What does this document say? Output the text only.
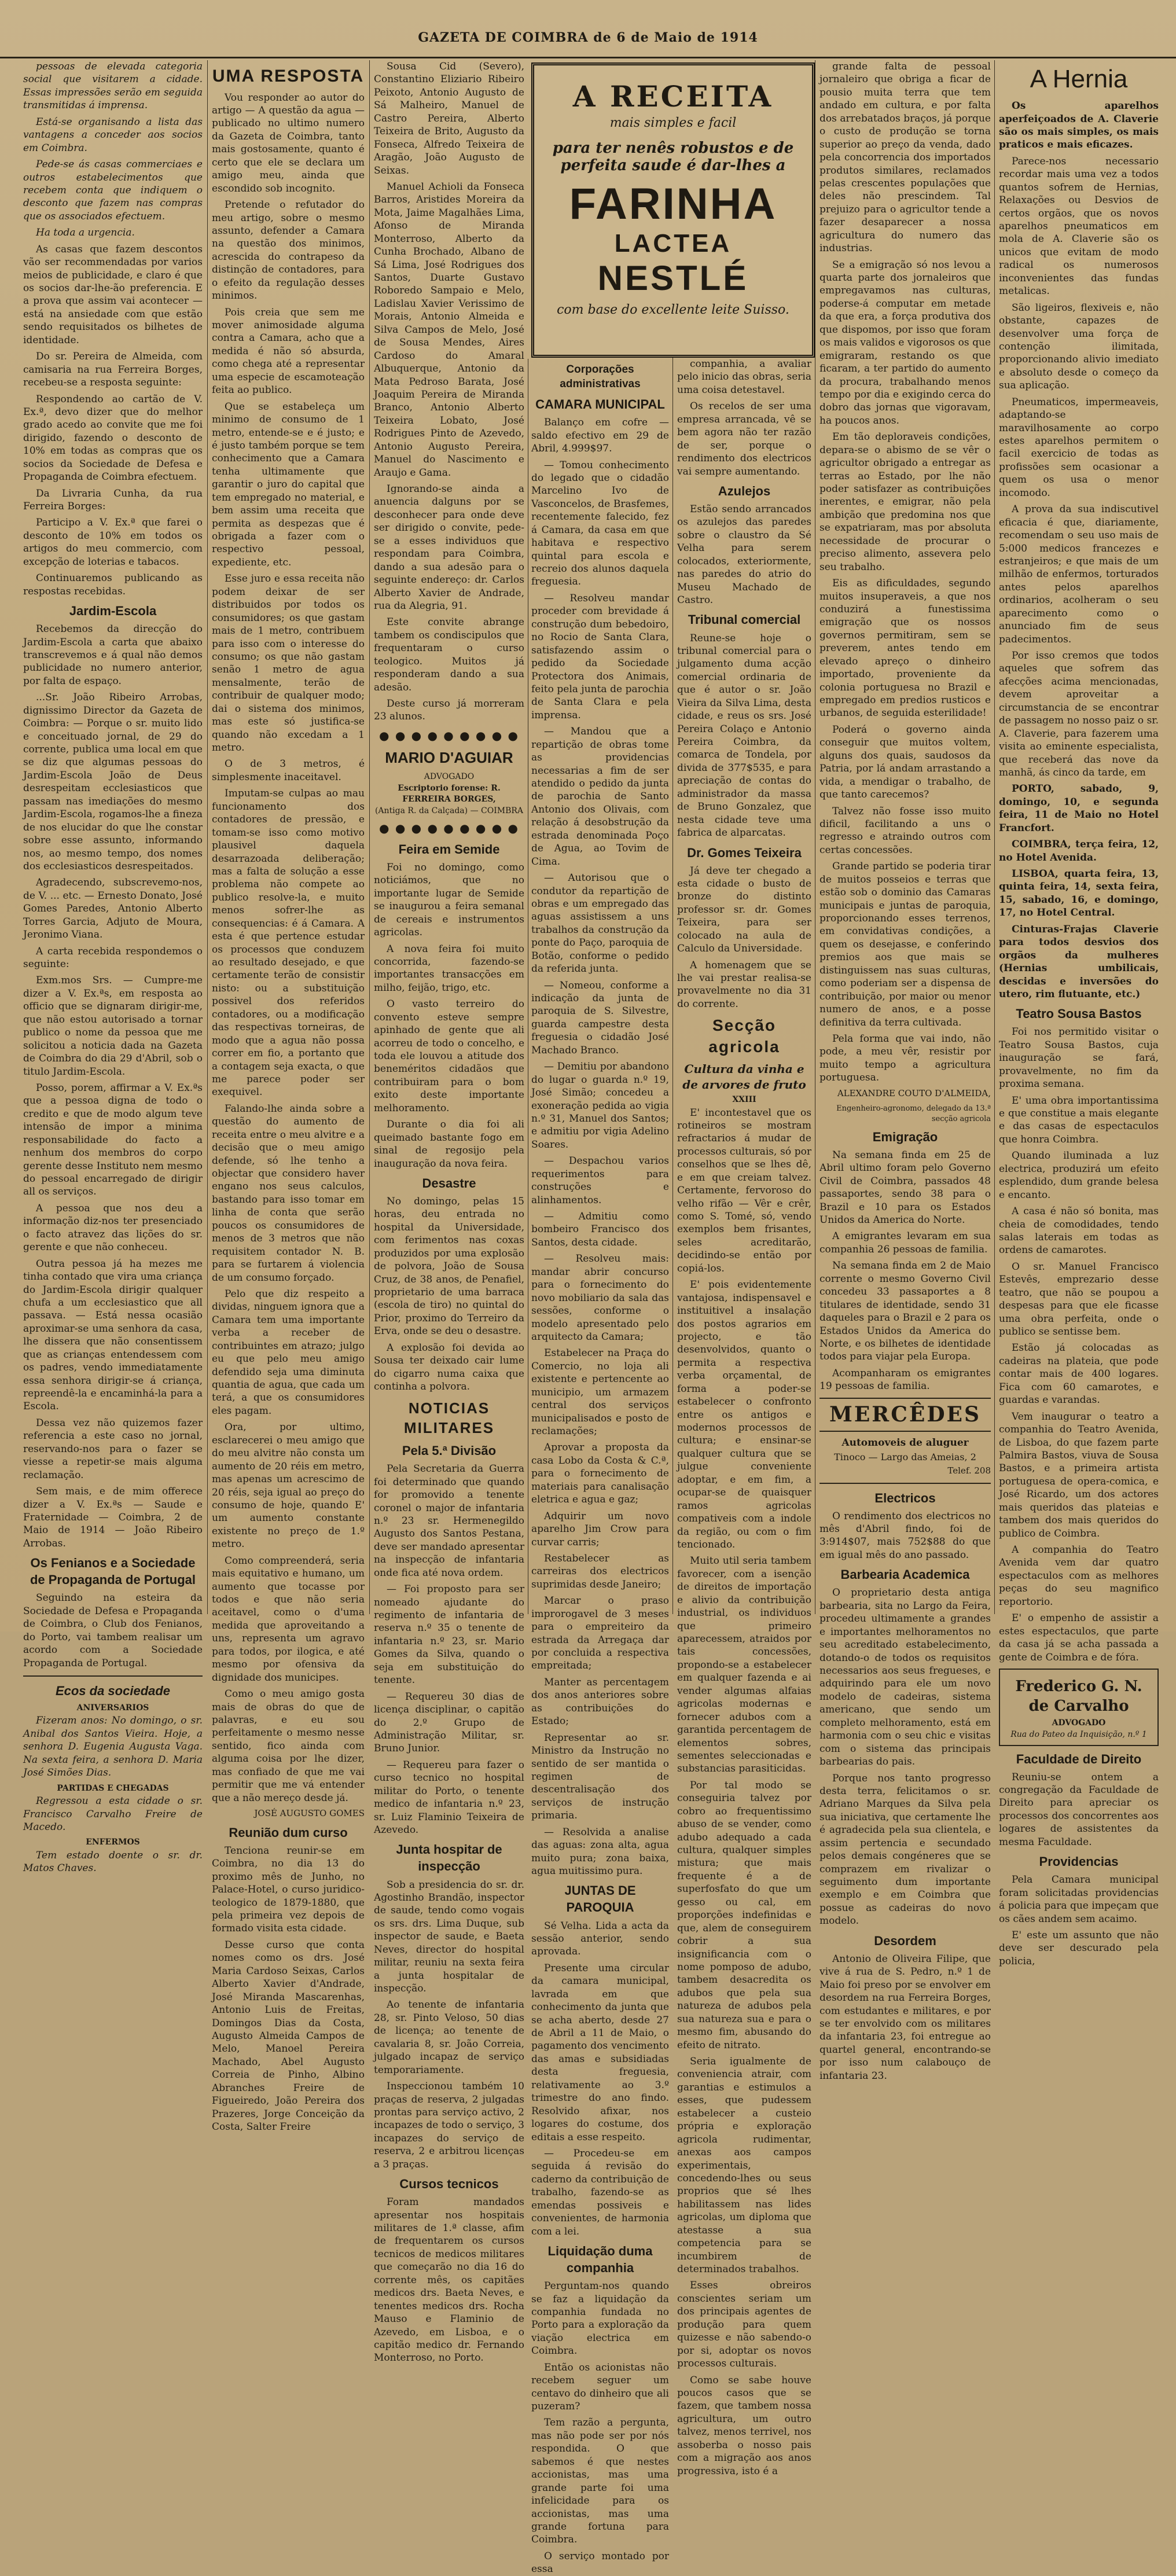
GAZETA DE COIMBRA de 6 de Maio de 1914

pessoas de elevada categoria social que visitarem a cidade. Essas impressões serão em seguida transmitidas á imprensa.

Está-se organisando a lista das vantagens a conceder aos socios em Coimbra.

Pede-se ás casas commerciaes e outros estabelecimentos que recebem conta que indiquem o desconto que fazem nas compras que os associados efectuem.

Ha toda a urgencia.

As casas que fazem descontos vão ser recommendadas por varios meios de publicidade, e claro é que os socios dar-lhe-ão preferencia. E a prova que assim vai acontecer — está na ansiedade com que estão sendo requisitados os bilhetes de identidade.

Do sr. Pereira de Almeida, com camisaria na rua Ferreira Borges, recebeu-se a resposta seguinte:

Respondendo ao cartão de V. Ex.ª, devo dizer que do melhor grado acedo ao convite que me foi dirigido, fazendo o desconto de 10% em todas as compras que os socios da Sociedade de Defesa e Propaganda de Coimbra efectuem.

Da Livraria Cunha, da rua Ferreira Borges:

Participo a V. Ex.ª que farei o desconto de 10% em todos os artigos do meu commercio, com excepção de loterias e tabacos.

Continuaremos publicando as respostas recebidas.

Jardim-Escola

Recebemos da direcção do Jardim-Escola a carta que abaixo transcrevemos e á qual não demos publicidade no numero anterior, por falta de espaço.

...Sr. João Ribeiro Arrobas, dignissimo Director da Gazeta de Coimbra: — Porque o sr. muito lido e conceituado jornal, de 29 do corrente, publica uma local em que se diz que algumas pessoas do Jardim-Escola João de Deus desrespeitam ecclesiasticos que passam nas imediações do mesmo Jardim-Escola, rogamos-lhe a fineza de nos elucidar do que lhe constar sobre esse assunto, informando nos, ao mesmo tempo, dos nomes dos ecclesiasticos desrespeitados.

Agradecendo, subscrevemo-nos, de V. ... etc. — Ernesto Donato, José Gomes Paredes, Antonio Alberto Torres Garcia, Adjuto de Moura, Jeronimo Viana.

A carta recebida respondemos o seguinte:

Exm.mos Srs. — Cumpre-me dizer a V. Ex.ªs, em resposta ao officio que se dignaram dirigir-me, que não estou autorisado a tornar publico o nome da pessoa que me solicitou a noticia dada na Gazeta de Coimbra do dia 29 d'Abril, sob o titulo Jardim-Escola.

Posso, porem, affirmar a V. Ex.ªs que a pessoa digna de todo o credito e que de modo algum teve intensão de impor a minima responsabilidade do facto a nenhum dos membros do corpo gerente desse Instituto nem mesmo do pessoal encarregado de dirigir all os serviços.

A pessoa que nos deu a informação diz-nos ter presenciado o facto atravez das lições do sr. gerente e que não conheceu.

Outra pessoa já ha mezes me tinha contado que vira uma criança do Jardim-Escola dirigir qualquer chufa a um ecclesiastico que all passava. — Está nessa ocasião aproximar-se uma senhora da casa, lhe dissera que não consentissem que as crianças entendessem com os padres, vendo immediatamente essa senhora dirigir-se á criança, repreendê-la e encaminhá-la para a Escola.

Dessa vez não quizemos fazer referencia a este caso no jornal, reservando-nos para o fazer se viesse a repetir-se mais alguma reclamação.

Sem mais, e de mim offerece dizer a V. Ex.ªs — Saude e Fraternidade — Coimbra, 2 de Maio de 1914 — João Ribeiro Arrobas.

Os Fenianos e a Sociedade de Propaganda de Portugal

Seguindo na esteira da Sociedade de Defesa e Propaganda de Coimbra, o Club dos Fenianos, do Porto, vai tambem realisar um acordo com a Sociedade Propaganda de Portugal.

Ecos da sociedade
ANIVERSARIOS

Fizeram anos: No domingo, o sr. Anibal dos Santos Vieira. Hoje, a senhora D. Eugenia Augusta Vaga. Na sexta feira, a senhora D. Maria José Simões Dias.

PARTIDAS E CHEGADAS

Regressou a esta cidade o sr. Francisco Carvalho Freire de Macedo.

ENFERMOS

Tem estado doente o sr. dr. Matos Chaves.

UMA RESPOSTA

Vou responder ao autor do artigo — A questão da agua — publicado no ultimo numero da Gazeta de Coimbra, tanto mais gostosamente, quanto é certo que ele se declara um amigo meu, ainda que escondido sob incognito.

Pretende o refutador do meu artigo, sobre o mesmo assunto, defender a Camara na questão dos minimos, acrescida do contrapeso da distinção de contadores, para o efeito da regulação desses minimos.

Pois creia que sem me mover animosidade alguma contra a Camara, acho que a medida é não só absurda, como chega até a representar uma especie de escamoteação feita ao publico.

Que se estabeleça um minimo de consumo de 1 metro, entende-se e é justo; e é justo também porque se tem conhecimento que a Camara tenha ultimamente que garantir o juro do capital que tem empregado no material, e bem assim uma receita que permita as despezas que é obrigada a fazer com o respectivo pessoal, expediente, etc.

Esse juro e essa receita não podem deixar de ser distribuidos por todos os consumidores; os que gastam mais de 1 metro, contribuem para isso com o interesse do consumo; os que não gastam senão 1 metro de agua mensalmente, terão de contribuir de qualquer modo; dai o sistema dos minimos, mas este só justifica-se quando não excedam a 1 metro.

O de 3 metros, é simplesmente inaceitavel.

Imputam-se culpas ao mau funcionamento dos contadores de pressão, e tomam-se isso como motivo plausivel daquela desarrazoada deliberação; mas a falta de solução a esse problema não compete ao publico resolve-la, e muito menos sofrer-lhe as consequencias: é á Camara. A esta é que pertence estudar os processos que conduzem ao resultado desejado, e que certamente terão de consistir nisto: ou a substituição possivel dos referidos contadores, ou a modificação das respectivas torneiras, de modo que a agua não possa correr em fio, a portanto que a contagem seja exacta, o que me parece poder ser exequivel.

Falando-lhe ainda sobre a questão do aumento de receita entre o meu alvitre e a decisão que o meu amigo defende, só lhe tenho a objectar que considero haver engano nos seus calculos, bastando para isso tomar em linha de conta que serão poucos os consumidores de menos de 3 metros que não requisitem contador N. B. para se furtarem á violencia de um consumo forçado.

Pelo que diz respeito a dividas, ninguem ignora que a Camara tem uma importante verba a receber de contribuintes em atrazo; julgo eu que pelo meu amigo defendido seja uma diminuta quantia de agua, que cada um terá, a que os consumidores eles pagam.

Ora, por ultimo, esclarecerei o meu amigo que do meu alvitre não consta um aumento de 20 réis em metro, mas apenas um acrescimo de 20 réis, seja igual ao preço do consumo de hoje, quando E' um aumento constante existente no preço de 1.º metro.

Como compreenderá, seria mais equitativo e humano, um aumento que tocasse por todos e que não seria aceitavel, como o d'uma medida que aproveitando a uns, representa um agravo para todos, por ilogica, e até mesmo por ofensiva da dignidade dos municipes.

Como o meu amigo gosta mais de obras do que de palavras, e eu sou perfeitamente o mesmo nesse sentido, fico ainda com alguma coisa por lhe dizer, mas confiado de que me vai permitir que me vá entender que a não mereço desde já.

JOSÉ AUGUSTO GOMES
Reunião dum curso

Tenciona reunir-se em Coimbra, no dia 13 do proximo mês de Junho, no Palace-Hotel, o curso juridico-teologico de 1879-1880, que pela primeira vez depois de formado visita esta cidade.

Desse curso que conta nomes como os drs. José Maria Cardoso Seixas, Carlos Alberto Xavier d'Andrade, José Miranda Mascarenhas, Antonio Luis de Freitas, Domingos Dias da Costa, Augusto Almeida Campos de Melo, Manoel Pereira Machado, Abel Augusto Correia de Pinho, Albino Abranches Freire de Figueiredo, João Pereira dos Prazeres, Jorge Conceição da Costa, Salter Freire

Sousa Cid (Severo), Constantino Eliziario Ribeiro Peixoto, Antonio Augusto de Sá Malheiro, Manuel de Castro Pereira, Alberto Teixeira de Brito, Augusto da Fonseca, Alfredo Teixeira de Aragão, João Augusto de Seixas.

Manuel Achioli da Fonseca Barros, Aristides Moreira da Mota, Jaime Magalhães Lima, Afonso de Miranda Monterroso, Alberto da Cunha Brochado, Albano de Sá Lima, José Rodrigues dos Santos, Duarte Gustavo Roboredo Sampaio e Melo, Ladislau Xavier Verissimo de Morais, Antonio Almeida e Silva Campos de Melo, José de Sousa Mendes, Aires Cardoso do Amaral Albuquerque, Antonio da Mata Pedroso Barata, José Joaquim Pereira de Miranda Branco, Antonio Alberto Teixeira Lobato, José Rodrigues Pinto de Azevedo, Antonio Augusto Pereira, Manuel do Nascimento e Araujo e Gama.

Ignorando-se ainda a anuencia dalguns por se desconhecer para onde deve ser dirigido o convite, pede-se a esses individuos que respondam para Coimbra, dando a sua adesão para o seguinte endereço: dr. Carlos Alberto Xavier de Andrade, rua da Alegria, 91.

Este convite abrange tambem os condiscipulos que frequentaram o curso teologico. Muitos já responderam dando a sua adesão.

Deste curso já morreram 23 alunos.

● ● ● ● ● ● ● ● ●
MARIO D'AGUIAR
ADVOGADO
Escriptorio forense: R. FERREIRA BORGES,
(Antiga R. da Calçada) — COIMBRA
● ● ● ● ● ● ● ● ●
Feira em Semide

Foi no domingo, como noticiámos, que no importante lugar de Semide se inaugurou a feira semanal de cereais e instrumentos agricolas.

A nova feira foi muito concorrida, fazendo-se importantes transacções em milho, feijão, trigo, etc.

O vasto terreiro do convento esteve sempre apinhado de gente que ali acorreu de todo o concelho, e toda ele louvou a atitude dos beneméritos cidadãos que contribuiram para o bom exito deste importante melhoramento.

Durante o dia foi ali queimado bastante fogo em sinal de regosijo pela inauguração da nova feira.

Desastre

No domingo, pelas 15 horas, deu entrada no hospital da Universidade, com ferimentos nas coxas produzidos por uma explosão de polvora, João de Sousa Cruz, de 38 anos, de Penafiel, proprietario de uma barraca (escola de tiro) no quintal do Prior, proximo do Terreiro da Erva, onde se deu o desastre.

A explosão foi devida ao Sousa ter deixado cair lume do cigarro numa caixa que continha a polvora.

NOTICIAS MILITARES
Pela 5.ª Divisão

Pela Secretaria da Guerra foi determinado que quando for promovido a tenente coronel o major de infantaria n.º 23 sr. Hermenegildo Augusto dos Santos Pestana, deve ser mandado apresentar na inspecção de infantaria onde fica até nova ordem.

— Foi proposto para ser nomeado ajudante do regimento de infantaria de reserva n.º 35 o tenente de infantaria n.º 23, sr. Mario Gomes da Silva, quando o seja em substituição do tenente.

— Requereu 30 dias de licença disciplinar, o capitão do 2.º Grupo de Administração Militar, sr. Bruno Junior.

— Requereu para fazer o curso tecnico no hospital militar do Porto, o tenente medico de infantaria n.º 23, sr. Luiz Flaminio Teixeira de Azevedo.

Junta hospitar de inspecção

Sob a presidencia do sr. dr. Agostinho Brandão, inspector de saude, tendo como vogais os srs. drs. Lima Duque, sub inspector de saude, e Baeta Neves, director do hospital militar, reuniu na sexta feira a junta hospitalar de inspecção.

Ao tenente de infantaria 28, sr. Pinto Veloso, 50 dias de licença; ao tenente de cavalaria 8, sr. João Correia, julgado incapaz de serviço temporariamente.

Inspeccionou também 10 praças de reserva, 2 julgadas prontas para serviço activo, 2 incapazes de todo o serviço, 3 incapazes do serviço de reserva, 2 e arbitrou licenças a 3 praças.

Cursos tecnicos

Foram mandados apresentar nos hospitais militares de 1.ª classe, afim de frequentarem os cursos tecnicos de medicos militares que começarão no dia 16 do corrente mês, os capitães medicos drs. Baeta Neves, e tenentes medicos drs. Rocha Mauso e Flaminio de Azevedo, em Lisboa, e o capitão medico dr. Fernando Monterroso, no Porto.

A RECEITA
mais simples e facil
para ter nenês robustos e de perfeita saude é dar-lhes a
FARINHA
LACTEA
NESTLÉ
com base do excellente leite Suisso.
Corporações administrativas
CAMARA MUNICIPAL

Balanço em cofre — saldo efectivo em 29 de Abril, 4.999$97.

— Tomou conhecimento do legado que o cidadão Marcelino Ivo de Vasconcelos, de Brasfemes, recentemente falecido, fez á Camara, da casa em que habitava e respectivo quintal para escola e recreio dos alunos daquela freguesia.

— Resolveu mandar proceder com brevidade á construção dum bebedoiro, no Rocio de Santa Clara, satisfazendo assim o pedido da Sociedade Protectora dos Animais, feito pela junta de parochia de Santa Clara e pela imprensa.

— Mandou que a repartição de obras tome as providencias necessarias a fim de ser atendido o pedido da junta de parochia de Santo Antonio dos Olivais, com relação á desobstrução da estrada denominada Poço de Agua, ao Tovim de Cima.

— Autorisou que o condutor da repartição de obras e um empregado das aguas assistissem a uns trabalhos da construção da ponte do Paço, paroquia de Botão, conforme o pedido da referida junta.

— Nomeou, conforme a indicação da junta de paroquia de S. Silvestre, guarda campestre desta freguesia o cidadão José Machado Branco.

— Demitiu por abandono do lugar o guarda n.º 19, José Simão; concedeu a exoneração pedida ao vigia n.º 31, Manuel dos Santos; e admitiu por vigia Adelino Soares.

— Despachou varios requerimentos para construções e alinhamentos.

— Admitiu como bombeiro Francisco dos Santos, desta cidade.

— Resolveu mais: mandar abrir concurso para o fornecimento do novo mobiliario da sala das sessões, conforme o modelo apresentado pelo arquitecto da Camara;

Estabelecer na Praça do Comercio, no loja ali existente e pertencente ao municipio, um armazem central dos serviços municipalisados e posto de reclamações;

Aprovar a proposta da casa Lobo da Costa & C.ª, para o fornecimento de materiais para canalisação eletrica e agua e gaz;

Adquirir um novo aparelho Jim Crow para curvar carris;

Restabelecer as carreiras dos electricos suprimidas desde Janeiro;

Marcar o praso improrogavel de 3 meses para o empreiteiro da estrada da Arregaça dar por concluida a respectiva empreitada;

Manter as percentagem dos anos anteriores sobre as contribuições do Estado;

Representar ao sr. Ministro da Instrução no sentido de ser mantida o regimen de descentralisação dos serviços de instrução primaria.

— Resolvida a analise das aguas: zona alta, agua muito pura; zona baixa, agua muitissimo pura.

JUNTAS DE PAROQUIA

Sé Velha. Lida a acta da sessão anterior, sendo aprovada.

Presente uma circular da camara municipal, lavrada em que conhecimento da junta que se acha aberto, desde 27 de Abril a 11 de Maio, o pagamento dos vencimento das amas e subsidiadas desta freguesia, relativamente ao 3.º trimestre do ano findo. Resolvido afixar, nos logares do costume, dos editais a esse respeito.

— Procedeu-se em seguida á revisão do caderno da contribuição de trabalho, fazendo-se as emendas possiveis e convenientes, de harmonia com a lei.

Liquidação duma companhia

Perguntam-nos quando se faz a liquidação da companhia fundada no Porto para a exploração da viação electrica em Coimbra.

Então os acionistas não recebem seguer um centavo do dinheiro que ali puzeram?

Tem razão a pergunta, mas não pode ser por nós respondida. O que sabemos é que nestes accionistas, mas uma grande parte foi uma infelicidade para os accionistas, mas uma grande fortuna para Coimbra.

O serviço montado por essa

companhia, a avaliar pelo inicio das obras, seria uma coisa detestavel.

Os recelos de ser uma empresa arrancada, vê se bem agora não ter razão de ser, porque o rendimento dos electricos vai sempre aumentando.

Azulejos

Estão sendo arrancados os azulejos das paredes sobre o claustro da Sé Velha para serem colocados, exteriormente, nas paredes do atrio do Museu Machado de Castro.

Tribunal comercial

Reune-se hoje o tribunal comercial para o julgamento duma acção comercial ordinaria de que é autor o sr. João Vieira da Silva Lima, desta cidade, e reus os srs. José Pereira Colaço e Antonio Pereira Coimbra, da comarca de Tondela, por divida de 377$535, e para apreciação de contas do administrador da massa de Bruno Gonzalez, que nesta cidade teve uma fabrica de alparcatas.

Dr. Gomes Teixeira

Já deve ter chegado a esta cidade o busto de bronze do distinto professor sr. dr. Gomes Teixeira, para ser colocado na aula de Calculo da Universidade.

A homenagem que se lhe vai prestar realisa-se provavelmente no dia 31 do corrente.

Secção agricola
Cultura da vinha e de arvores de fruto
XXIII

E' incontestavel que os rotineiros se mostram refractarios á mudar de processos culturais, só por conselhos que se lhes dê, e em que creiam talvez. Certamente, fervoroso do velho rifão — Vêr e crêr, como S. Tomé, só, vendo exemplos bem frisantes, seles acreditarão, decidindo-se então por copiá-los.

E' pois evidentemente vantajosa, indispensavel e instituitivel a insalação dos postos agrarios em projecto, e tão desenvolvidos, quanto o permita a respectiva verba orçamental, de forma a poder-se estabelecer o confronto entre os antigos e modernos processos de cultura; e ensinar-se qualquer cultura que se julgue conveniente adoptar, e em fim, a ocupar-se de quaisquer ramos agricolas compativeis com a indole da região, ou com o fim tencionado.

Muito util seria tambem favorecer, com a isenção de direitos de importação e alivio da contribuição industrial, os individuos que primeiro aparecessem, atraidos por tais concessões, propondo-se a estabelecer em qualquer fazenda e ai vender algumas alfaias agricolas modernas e fornecer adubos com a garantida percentagem de elementos sobres, sementes seleccionadas e substancias parasiticidas.

Por tal modo se conseguiria talvez por cobro ao frequentissimo abuso de se vender, como adubo adequado a cada cultura, qualquer simples mistura; que mais frequente é a de superfosfato do que um gesso ou cal, em proporções indefinidas e que, alem de conseguirem cobrir a sua insignificancia com o nome pomposo de adubo, tambem desacredita os adubos que pela sua natureza de adubos pela sua natureza sua e para o mesmo fim, abusando do efeito de nitrato.

Seria igualmente de conveniencia atrair, com garantias e estimulos a esses, que pudessem estabelecer a custeio própria e exploração agricola rudimentar, anexas aos campos experimentais, concedendo-lhes ou seus proprios que sé lhes habilitassem nas lides agricolas, um diploma que atestasse a sua competencia para se incumbirem de determinados trabalhos.

Esses obreiros conscientes seriam um dos principais agentes de produção para quem quizesse e não sabendo-o por si, adoptar os novos processos culturais.

Como se sabe houve poucos casos que se fazem, que tambem nossa agricultura, um outro talvez, menos terrivel, nos assoberba o nosso pais com a migração aos anos progressiva, isto é a

grande falta de pessoal jornaleiro que obriga a ficar de pousio muita terra que tem andado em cultura, e por falta dos arrebatados braços, já porque o custo de produção se torna superior ao preço da venda, dado pela concorrencia dos importados produtos similares, reclamados pelas crescentes populações que deles não prescindem. Tal prejuizo para o agricultor tende a fazer desaparecer a nossa agricultura do numero das industrias.

Se a emigração só nos levou a quarta parte dos jornaleiros que empregavamos nas culturas, poderse-á computar em metade da que era, a força produtiva dos que dispomos, por isso que foram os mais validos e vigorosos os que emigraram, restando os que ficaram, a ter partido do aumento da procura, trabalhando menos tempo por dia e exigindo cerca do dobro das jornas que vigoravam, ha poucos anos.

Em tão deploraveis condições, depara-se o abismo de se vêr o agricultor obrigado a entregar as terras ao Estado, por lhe não poder satisfazer as contribuições inerentes, e emigrar, não pela ambição que predomina nos que se expatriaram, mas por absoluta necessidade de procurar o preciso alimento, assevera pelo seu trabalho.

Eis as dificuldades, segundo muitos insuperaveis, a que nos conduzirá a funestissima emigração que os nossos governos permitiram, sem se preverem, antes tendo em elevado apreço o dinheiro importado, proveniente da colonia portuguesa no Brazil e empregado em predios rusticos e urbanos, de seguida esterilidade!

Poderá o governo ainda conseguir que muitos voltem, alguns dos quais, saudosos da Patria, por lá andam arrastando a vida, a mendigar o trabalho, de que tanto carecemos?

Talvez não fosse isso muito dificil, facilitando a uns o regresso e atraindo outros com certas concessões.

Grande partido se poderia tirar de muitos posseios e terras que estão sob o dominio das Camaras municipais e juntas de paroquia, proporcionando esses terrenos, em convidativas condições, a quem os desejasse, e conferindo premios aos que mais se distinguissem nas suas culturas, como poderiam ser a dispensa de contribuição, por maior ou menor numero de anos, e a posse definitiva da terra cultivada.

Pela forma que vai indo, não pode, a meu vêr, resistir por muito tempo a agricultura portuguesa.

ALEXANDRE COUTO D'ALMEIDA,
Engenheiro-agronomo, delegado da 13.ª secção agricola
Emigração

Na semana finda em 25 de Abril ultimo foram pelo Governo Civil de Coimbra, passados 48 passaportes, sendo 38 para o Brazil e 10 para os Estados Unidos da America do Norte.

A emigrantes levaram em sua companhia 26 pessoas de familia.

Na semana finda em 2 de Maio corrente o mesmo Governo Civil concedeu 33 passaportes a 8 titulares de identidade, sendo 31 daqueles para o Brazil e 2 para os Estados Unidos da America do Norte, e os bilhetes de identidade todos para viajar pela Europa.

Acompanharam os emigrantes 19 pessoas de familia.

MERCÊDES
Automoveis de aluguer
Tinoco — Largo das Ameias, 2
Telef. 208
Electricos

O rendimento dos electricos no mês d'Abril findo, foi de 3:914$07, mais 752$88 do que em igual mês do ano passado.

Barbearia Academica

O proprietario desta antiga barbearia, sita no Largo da Feira, procedeu ultimamente a grandes e importantes melhoramentos no seu acreditado estabelecimento, dotando-o de todos os requisitos necessarios aos seus fregueses, e adquirindo para ele um novo modelo de cadeiras, sistema americano, que sendo um completo melhoramento, está em harmonia com o seu chic e visitas com o sistema das principais barbearias do pais.

Porque nos tanto progresso desta terra, felicitamos o sr. Adriano Marques da Silva pela sua iniciativa, que certamente lhe é agradecida pela sua clientela, e assim pertencia e secundado pelos demais congéneres que se comprazem em rivalizar o seguimento dum importante exemplo e em Coimbra que possue as cadeiras do novo modelo.

Desordem

Antonio de Oliveira Filipe, que vive á rua de S. Pedro, n.º 1 de Maio foi preso por se envolver em desordem na rua Ferreira Borges, com estudantes e militares, e por se ter envolvido com os militares da infantaria 23, foi entregue ao quartel general, encontrando-se por isso num calabouço de infantaria 23.

A Hernia

Os aparelhos aperfeiçoados de A. Claverie são os mais simples, os mais praticos e mais eficazes.

Parece-nos necessario recordar mais uma vez a todos quantos sofrem de Hernias, Relaxações ou Desvios de certos orgãos, que os novos aparelhos pneumaticos em mola de A. Claverie são os unicos que evitam de modo radical os numerosos inconvenientes das fundas metalicas.

São ligeiros, flexiveis e, não obstante, capazes de desenvolver uma força de contenção ilimitada, proporcionando alivio imediato e absoluto desde o começo da sua aplicação.

Pneumaticos, impermeaveis, adaptando-se maravilhosamente ao corpo estes aparelhos permitem o facil exercicio de todas as profissões sem ocasionar a quem os usa o menor incomodo.

A prova da sua indiscutivel eficacia é que, diariamente, recomendam o seu uso mais de 5:000 medicos francezes e estranjeiros; e que mais de um milhão de enfermos, torturados antes pelos aparelhos ordinarios, acolheram o seu aparecimento como o anunciado fim de seus padecimentos.

Por isso cremos que todos aqueles que sofrem das afecções acima mencionadas, devem aproveitar a circumstancia de se encontrar de passagem no nosso paiz o sr. A. Claverie, para fazerem uma visita ao eminente especialista, que receberá das nove da manhã, ás cinco da tarde, em

PORTO, sabado, 9, domingo, 10, e segunda feira, 11 de Maio no Hotel Francfort.

COIMBRA, terça feira, 12, no Hotel Avenida.

LISBOA, quarta feira, 13, quinta feira, 14, sexta feira, 15, sabado, 16, e domingo, 17, no Hotel Central.

Cinturas-Frajas Claverie para todos desvios dos orgãos da mulheres (Hernias umbilicais, descidas e inversões do utero, rim flutuante, etc.)

Teatro Sousa Bastos

Foi nos permitido visitar o Teatro Sousa Bastos, cuja inauguração se fará, provavelmente, no fim da proxima semana.

E' uma obra importantissima e que constitue a mais elegante e das casas de espectaculos que honra Coimbra.

Quando iluminada a luz electrica, produzirá um efeito esplendido, dum grande belesa e encanto.

A casa é não só bonita, mas cheia de comodidades, tendo salas laterais em todas as ordens de camarotes.

O sr. Manuel Francisco Estevês, emprezario desse teatro, que não se poupou a despesas para que ele ficasse uma obra perfeita, onde o publico se sentisse bem.

Estão já colocadas as cadeiras na plateia, que pode contar mais de 400 logares. Fica com 60 camarotes, e guardas e varandas.

Vem inaugurar o teatro a companhia do Teatro Avenida, de Lisboa, do que fazem parte Palmira Bastos, viuva de Sousa Bastos, e a primeira artista portuguesa de opera-comica, e José Ricardo, um dos actores mais queridos das plateias e tambem dos mais queridos do publico de Coimbra.

A companhia do Teatro Avenida vem dar quatro espectaculos com as melhores peças do seu magnifico reportorio.

E' o empenho de assistir a estes espectaculos, que parte da casa já se acha passada a gente de Coimbra e de fóra.

Frederico G. N. de Carvalho
ADVOGADO
Rua do Pateo da Inquisição, n.º 1
Faculdade de Direito

Reuniu-se ontem a congregação da Faculdade de Direito para apreciar os processos dos concorrentes aos logares de assistentes da mesma Faculdade.

Providencias

Pela Camara municipal foram solicitadas providencias á policia para que impeçam que os cães andem sem acaimo.

E' este um assunto que não deve ser descurado pela policia,
